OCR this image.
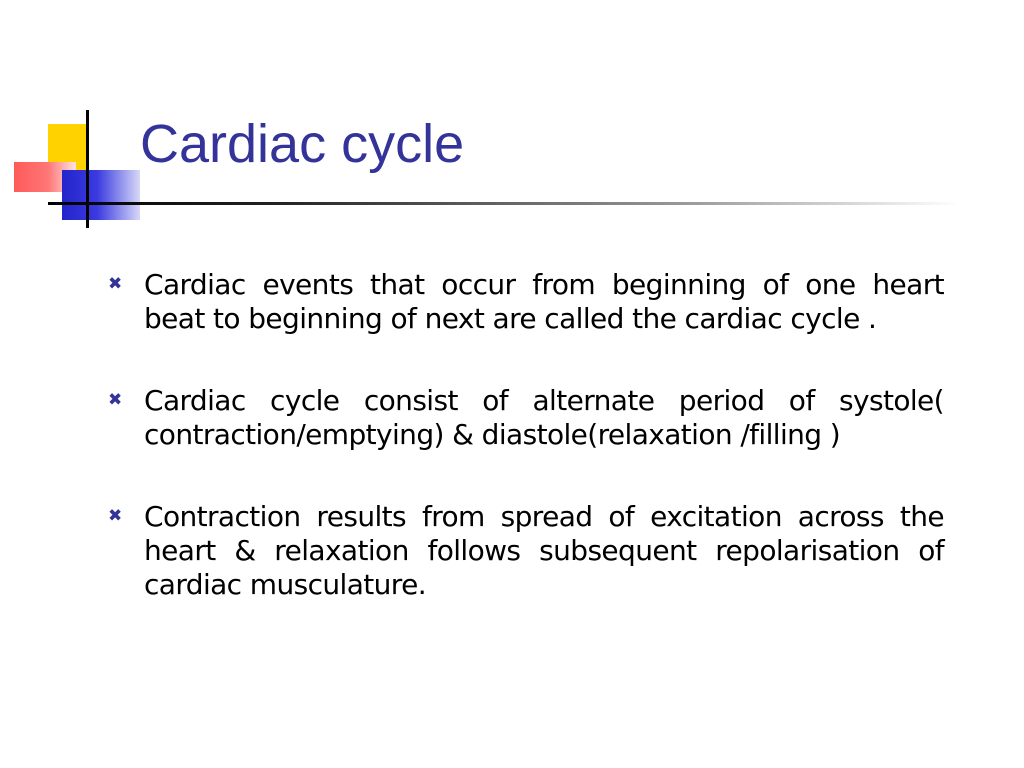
Cardiac cycle
✖ Cardiac events that occur from beginning of one heart beat to beginning of next are called the cardiac cycle .
✖ Cardiac cycle consist of alternate period of systole( contraction/emptying) & diastole(relaxation /filling )
✖ Contraction results from spread of excitation across the heart & relaxation follows subsequent repolarisation of cardiac musculature.
